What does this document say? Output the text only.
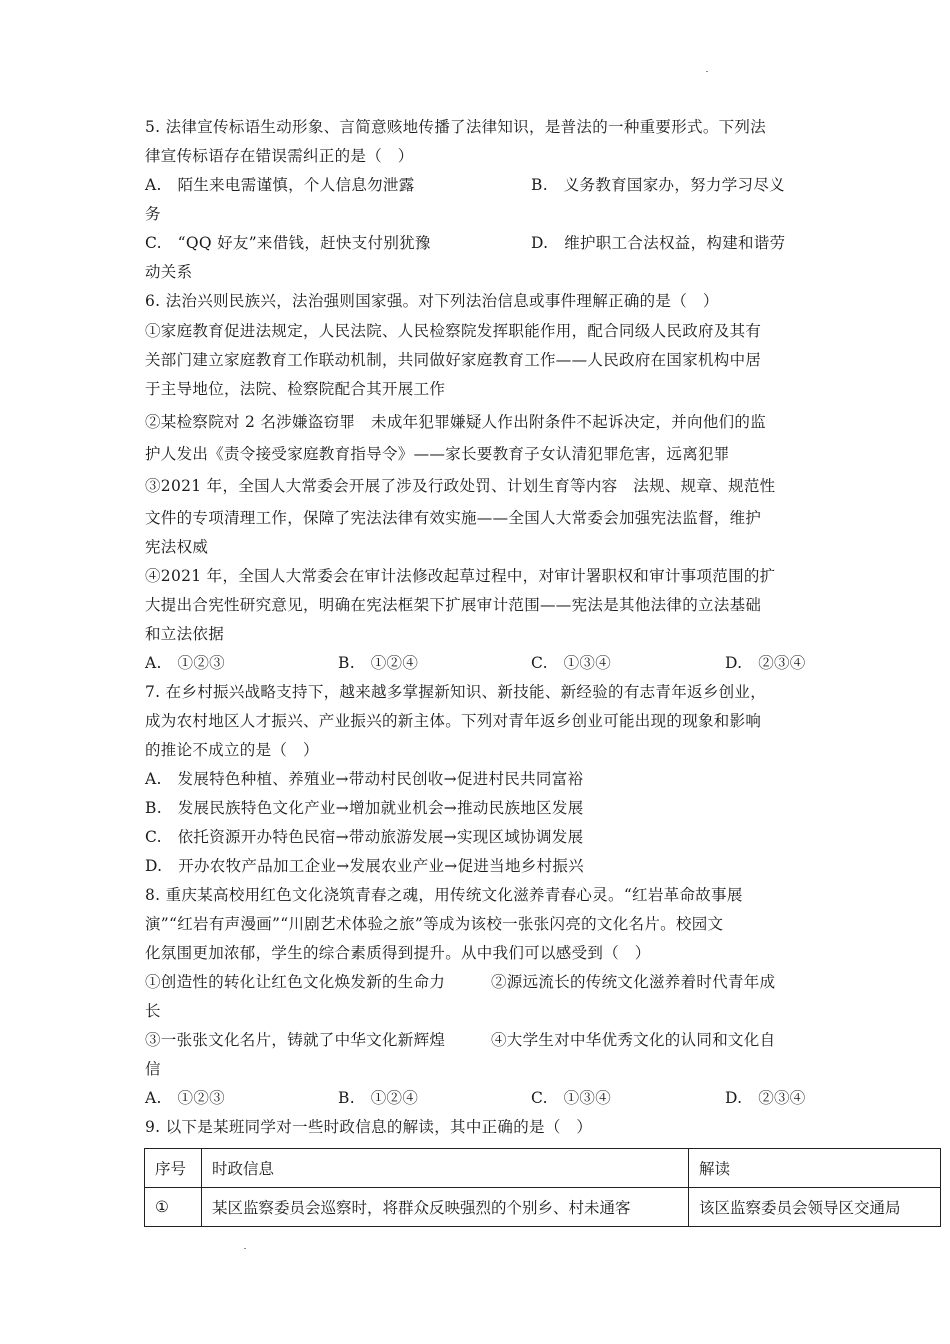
5. 法律宣传标语生动形象、言简意赅地传播了法律知识，是普法的一种重要形式。下列法
律宣传标语存在错误需纠正的是（　）
A.　陌生来电需谨慎，个人信息勿泄露	B.　义务教育国家办，努力学习尽义
务
C.　“QQ 好友”来借钱，赶快支付别犹豫	D.　维护职工合法权益，构建和谐劳
动关系
6. 法治兴则民族兴，法治强则国家强。对下列法治信息或事件理解正确的是（　）
①家庭教育促进法规定，人民法院、人民检察院发挥职能作用，配合同级人民政府及其有
关部门建立家庭教育工作联动机制，共同做好家庭教育工作——人民政府在国家机构中居
于主导地位，法院、检察院配合其开展工作
②某检察院对 2 名涉嫌盗窃罪　未成年犯罪嫌疑人作出附条件不起诉决定，并向他们的监
护人发出《责令接受家庭教育指导令》——家长要教育子女认清犯罪危害，远离犯罪
③2021 年，全国人大常委会开展了涉及行政处罚、计划生育等内容　法规、规章、规范性
文件的专项清理工作，保障了宪法法律有效实施——全国人大常委会加强宪法监督，维护
宪法权威
④2021 年，全国人大常委会在审计法修改起草过程中，对审计署职权和审计事项范围的扩
大提出合宪性研究意见，明确在宪法框架下扩展审计范围——宪法是其他法律的立法基础
和立法依据
A.　①②③	B.　①②④	C.　①③④	D.　②③④
7. 在乡村振兴战略支持下，越来越多掌握新知识、新技能、新经验的有志青年返乡创业，
成为农村地区人才振兴、产业振兴的新主体。下列对青年返乡创业可能出现的现象和影响
的推论不成立的是（　）
A.　发展特色种植、养殖业→带动村民创收→促进村民共同富裕
B.　发展民族特色文化产业→增加就业机会→推动民族地区发展
C.　依托资源开办特色民宿→带动旅游发展→实现区域协调发展
D.　开办农牧产品加工企业→发展农业产业→促进当地乡村振兴
8. 重庆某高校用红色文化浇筑青春之魂，用传统文化滋养青春心灵。“红岩革命故事展
演”“红岩有声漫画”“川剧艺术体验之旅”等成为该校一张张闪亮的文化名片。校园文
化氛围更加浓郁，学生的综合素质得到提升。从中我们可以感受到（　）
①创造性的转化让红色文化焕发新的生命力	②源远流长的传统文化滋养着时代青年成
长
③一张张文化名片，铸就了中华文化新辉煌	④大学生对中华优秀文化的认同和文化自
信
A.　①②③	B.　①②④	C.　①③④	D.　②③④
9. 以下是某班同学对一些时政信息的解读，其中正确的是（　）
序号	时政信息	解读
①	某区监察委员会巡察时，将群众反映强烈的个别乡、村未通客	该区监察委员会领导区交通局
